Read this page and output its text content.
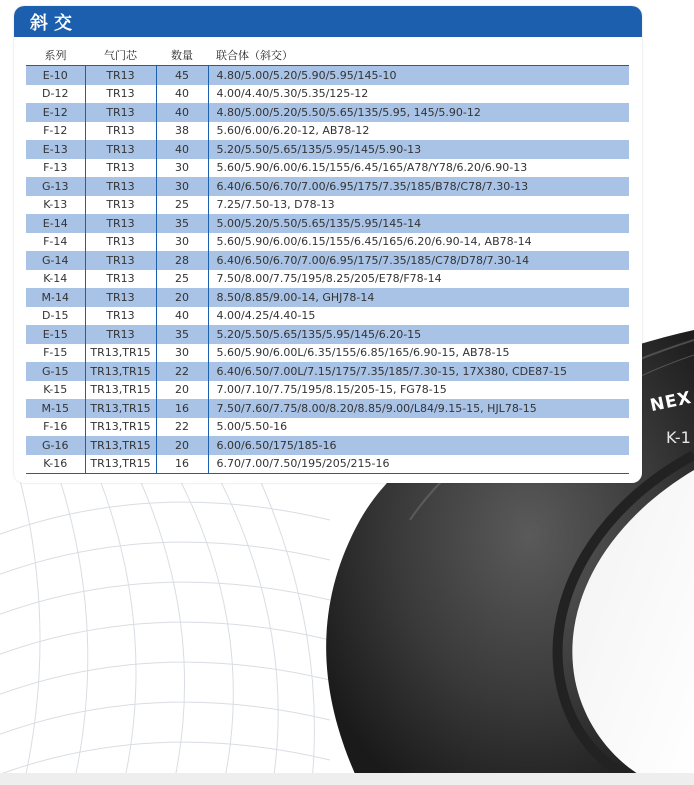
NEX
K-1
斜交
系列	气门芯	数量	联合体（斜交）
E-10	TR13	45	4.80/5.00/5.20/5.90/5.95/145-10
D-12	TR13	40	4.00/4.40/5.30/5.35/125-12
E-12	TR13	40	4.80/5.00/5.20/5.50/5.65/135/5.95, 145/5.90-12
F-12	TR13	38	5.60/6.00/6.20-12, AB78-12
E-13	TR13	40	5.20/5.50/5.65/135/5.95/145/5.90-13
F-13	TR13	30	5.60/5.90/6.00/6.15/155/6.45/165/A78/Y78/6.20/6.90-13
G-13	TR13	30	6.40/6.50/6.70/7.00/6.95/175/7.35/185/B78/C78/7.30-13
K-13	TR13	25	7.25/7.50-13, D78-13
E-14	TR13	35	5.00/5.20/5.50/5.65/135/5.95/145-14
F-14	TR13	30	5.60/5.90/6.00/6.15/155/6.45/165/6.20/6.90-14, AB78-14
G-14	TR13	28	6.40/6.50/6.70/7.00/6.95/175/7.35/185/C78/D78/7.30-14
K-14	TR13	25	7.50/8.00/7.75/195/8.25/205/E78/F78-14
M-14	TR13	20	8.50/8.85/9.00-14, GHJ78-14
D-15	TR13	40	4.00/4.25/4.40-15
E-15	TR13	35	5.20/5.50/5.65/135/5.95/145/6.20-15
F-15	TR13,TR15	30	5.60/5.90/6.00L/6.35/155/6.85/165/6.90-15, AB78-15
G-15	TR13,TR15	22	6.40/6.50/7.00L/7.15/175/7.35/185/7.30-15, 17X380, CDE87-15
K-15	TR13,TR15	20	7.00/7.10/7.75/195/8.15/205-15, FG78-15
M-15	TR13,TR15	16	7.50/7.60/7.75/8.00/8.20/8.85/9.00/L84/9.15-15, HJL78-15
F-16	TR13,TR15	22	5.00/5.50-16
G-16	TR13,TR15	20	6.00/6.50/175/185-16
K-16	TR13,TR15	16	6.70/7.00/7.50/195/205/215-16
